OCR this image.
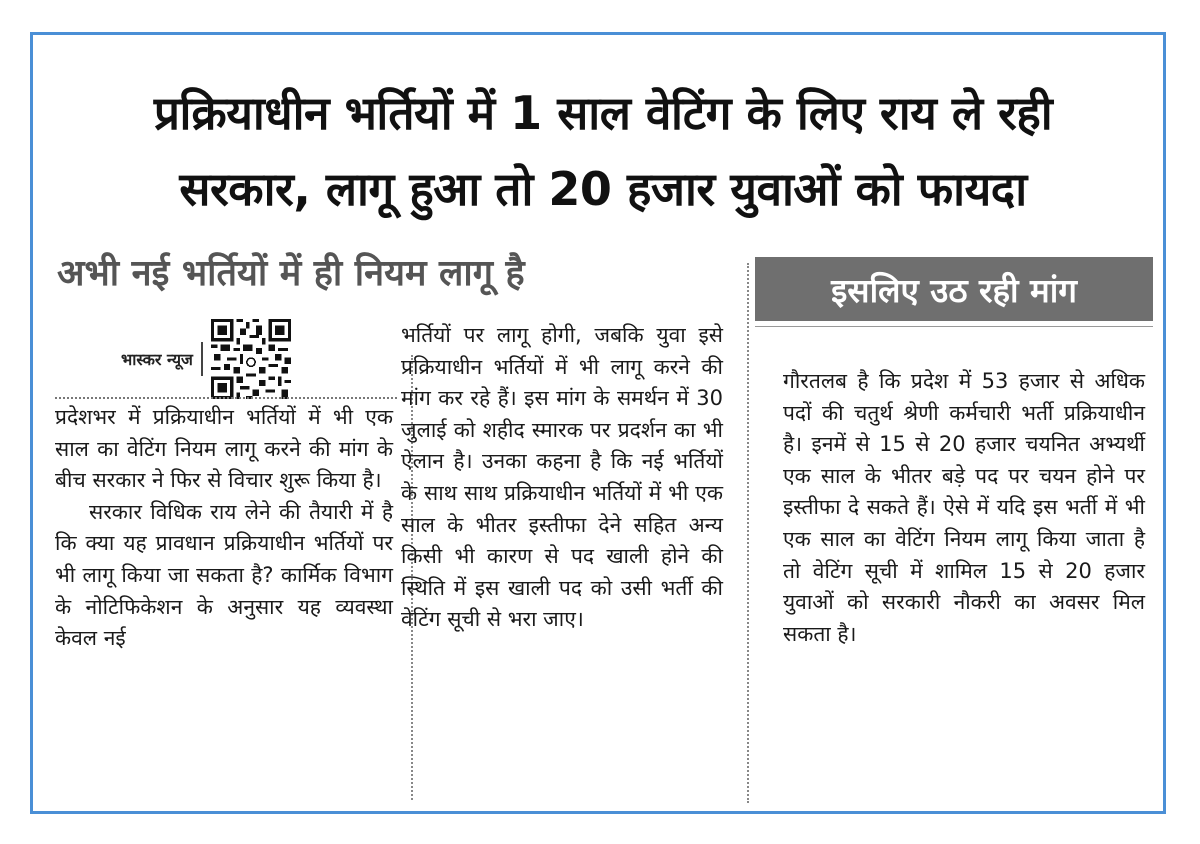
प्रक्रियाधीन भर्तियों में 1 साल वेटिंग के लिए राय ले रही
सरकार, लागू हुआ तो 20 हजार युवाओं को फायदा
अभी नई भर्तियों में ही नियम लागू है
भास्कर न्यूज

प्रदेशभर में प्रक्रियाधीन भर्तियों में भी एक साल का वेटिंग नियम लागू करने की मांग के बीच सरकार ने फिर से विचार शुरू किया है।

सरकार विधिक राय लेने की तैयारी में है कि क्या यह प्रावधान प्रक्रियाधीन भर्तियों पर भी लागू किया जा सकता है? कार्मिक विभाग के नोटिफिकेशन के अनुसार यह व्यवस्था केवल नई

भर्तियों पर लागू होगी, जबकि युवा इसे प्रक्रियाधीन भर्तियों में भी लागू करने की मांग कर रहे हैं। इस मांग के समर्थन में 30 जुलाई को शहीद स्मारक पर प्रदर्शन का भी ऐलान है। उनका कहना है कि नई भर्तियों के साथ साथ प्रक्रियाधीन भर्तियों में भी एक साल के भीतर इस्तीफा देने सहित अन्य किसी भी कारण से पद खाली होने की स्थिति में इस खाली पद को उसी भर्ती की वेटिंग सूची से भरा जाए।

इसलिए उठ रही मांग

गौरतलब है कि प्रदेश में 53 हजार से अधिक पदों की चतुर्थ श्रेणी कर्मचारी भर्ती प्रक्रियाधीन है। इनमें से 15 से 20 हजार चयनित अभ्यर्थी एक साल के भीतर बड़े पद पर चयन होने पर इस्तीफा दे सकते हैं। ऐसे में यदि इस भर्ती में भी एक साल का वेटिंग नियम लागू किया जाता है तो वेटिंग सूची में शामिल 15 से 20 हजार युवाओं को सरकारी नौकरी का अवसर मिल सकता है।
